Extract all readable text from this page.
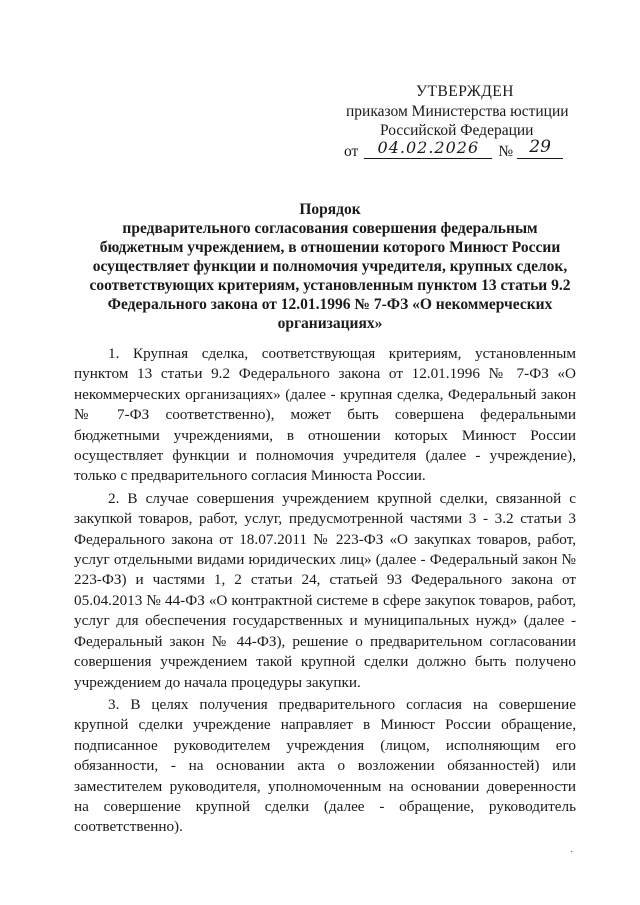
УТВЕРЖДЕН
приказом Министерства юстиции
Российской Федерации
от 04.02.2026 № 29
Порядок
предварительного согласования совершения федеральным
бюджетным учреждением, в отношении которого Минюст России
осуществляет функции и полномочия учредителя, крупных сделок,
соответствующих критериям, установленным пунктом 13 статьи 9.2
Федерального закона от 12.01.1996 № 7-ФЗ «О некоммерческих
организациях»

1. Крупная сделка, соответствующая критериям, установленным пунктом 13 статьи 9.2 Федерального закона от 12.01.1996 № 7-ФЗ «О некоммерческих организациях» (далее - крупная сделка, Федеральный закон № 7-ФЗ соответственно), может быть совершена федеральными бюджетными учреждениями, в отношении которых Минюст России осуществляет функции и полномочия учредителя (далее - учреждение), только с предварительного согласия Минюста России.

2. В случае совершения учреждением крупной сделки, связанной с закупкой товаров, работ, услуг, предусмотренной частями 3 - 3.2 статьи 3 Федерального закона от 18.07.2011 № 223-ФЗ «О закупках товаров, работ, услуг отдельными видами юридических лиц» (далее - Федеральный закон № 223-ФЗ) и частями 1, 2 статьи 24, статьей 93 Федерального закона от 05.04.2013 № 44-ФЗ «О контрактной системе в сфере закупок товаров, работ, услуг для обеспечения государственных и муниципальных нужд» (далее - Федеральный закон № 44-ФЗ), решение о предварительном согласовании совершения учреждением такой крупной сделки должно быть получено учреждением до начала процедуры закупки.

3. В целях получения предварительного согласия на совершение крупной сделки учреждение направляет в Минюст России обращение, подписанное руководителем учреждения (лицом, исполняющим его обязанности, - на основании акта о возложении обязанностей) или заместителем руководителя, уполномоченным на основании доверенности на совершение крупной сделки (далее - обращение, руководитель соответственно).

˙
